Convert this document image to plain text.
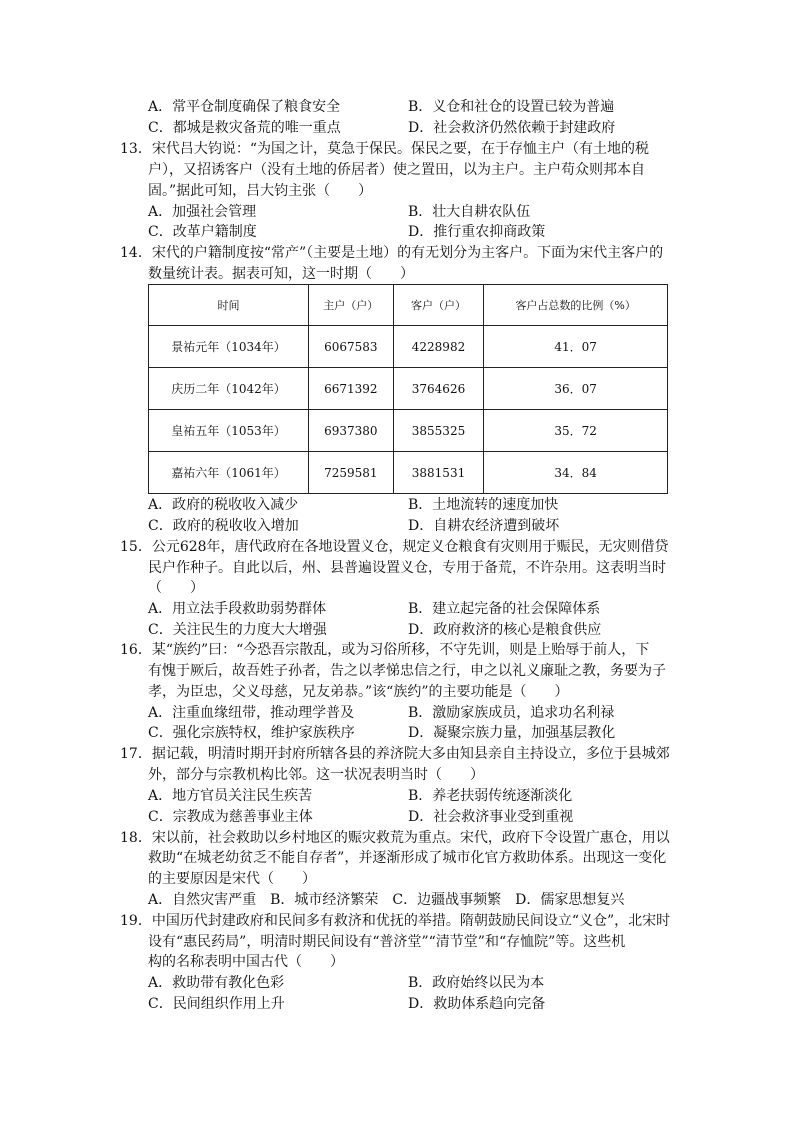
A．常平仓制度确保了粮食安全	B．义仓和社仓的设置已较为普遍
C．都城是救灾备荒的唯一重点	D．社会救济仍然依赖于封建政府
13．宋代吕大钧说：“为国之计，莫急于保民。保民之要，在于存恤主户（有土地的税
户），又招诱客户（没有土地的侨居者）使之置田，以为主户。主户苟众则邦本自
固。”据此可知，吕大钧主张（　　）
A．加强社会管理	B．壮大自耕农队伍
C．改革户籍制度	D．推行重农抑商政策
14．宋代的户籍制度按“常产”（主要是土地）的有无划分为主客户。下面为宋代主客户的
数量统计表。据表可知，这一时期（　　）
时间	主户（户）	客户（户）	客户占总数的比例（%）
景祐元年（1034年）	6067583	4228982	41．07
庆历二年（1042年）	6671392	3764626	36．07
皇祐五年（1053年）	6937380	3855325	35．72
嘉祐六年（1061年）	7259581	3881531	34．84
A．政府的税收收入减少	B．土地流转的速度加快
C．政府的税收收入增加	D．自耕农经济遭到破坏
15．公元628年，唐代政府在各地设置义仓，规定义仓粮食有灾则用于赈民，无灾则借贷
民户作种子。自此以后，州、县普遍设置义仓，专用于备荒，不许杂用。这表明当时
（　　）
A．用立法手段救助弱势群体	B．建立起完备的社会保障体系
C．关注民生的力度大大增强	D．政府救济的核心是粮食供应
16．某“族约”曰：“今恐吾宗散乱，或为习俗所移，不守先训，则是上贻辱于前人，下
有愧于厥后，故吾姓子孙者，告之以孝悌忠信之行，申之以礼义廉耻之教，务要为子
孝，为臣忠，父义母慈，兄友弟恭。”该“族约”的主要功能是（　　）
A．注重血缘纽带，推动理学普及	B．激励家族成员，追求功名利禄
C．强化宗族特权，维护家族秩序	D．凝聚宗族力量，加强基层教化
17．据记载，明清时期开封府所辖各县的养济院大多由知县亲自主持设立，多位于县城郊
外，部分与宗教机构比邻。这一状况表明当时（　　）
A．地方官员关注民生疾苦	B．养老扶弱传统逐渐淡化
C．宗教成为慈善事业主体	D．社会救济事业受到重视
18．宋以前，社会救助以乡村地区的赈灾救荒为重点。宋代，政府下令设置广惠仓，用以
救助“在城老幼贫乏不能自存者”，并逐渐形成了城市化官方救助体系。出现这一变化
的主要原因是宋代（　　）
A．自然灾害严重　B．城市经济繁荣　C．边疆战事频繁　D．儒家思想复兴
19．中国历代封建政府和民间多有救济和优抚的举措。隋朝鼓励民间设立“义仓”，北宋时
设有“惠民药局”，明清时期民间设有“普济堂”“清节堂”和“存恤院”等。这些机
构的名称表明中国古代（　　）
A．救助带有教化色彩	B．政府始终以民为本
C．民间组织作用上升	D．救助体系趋向完备
